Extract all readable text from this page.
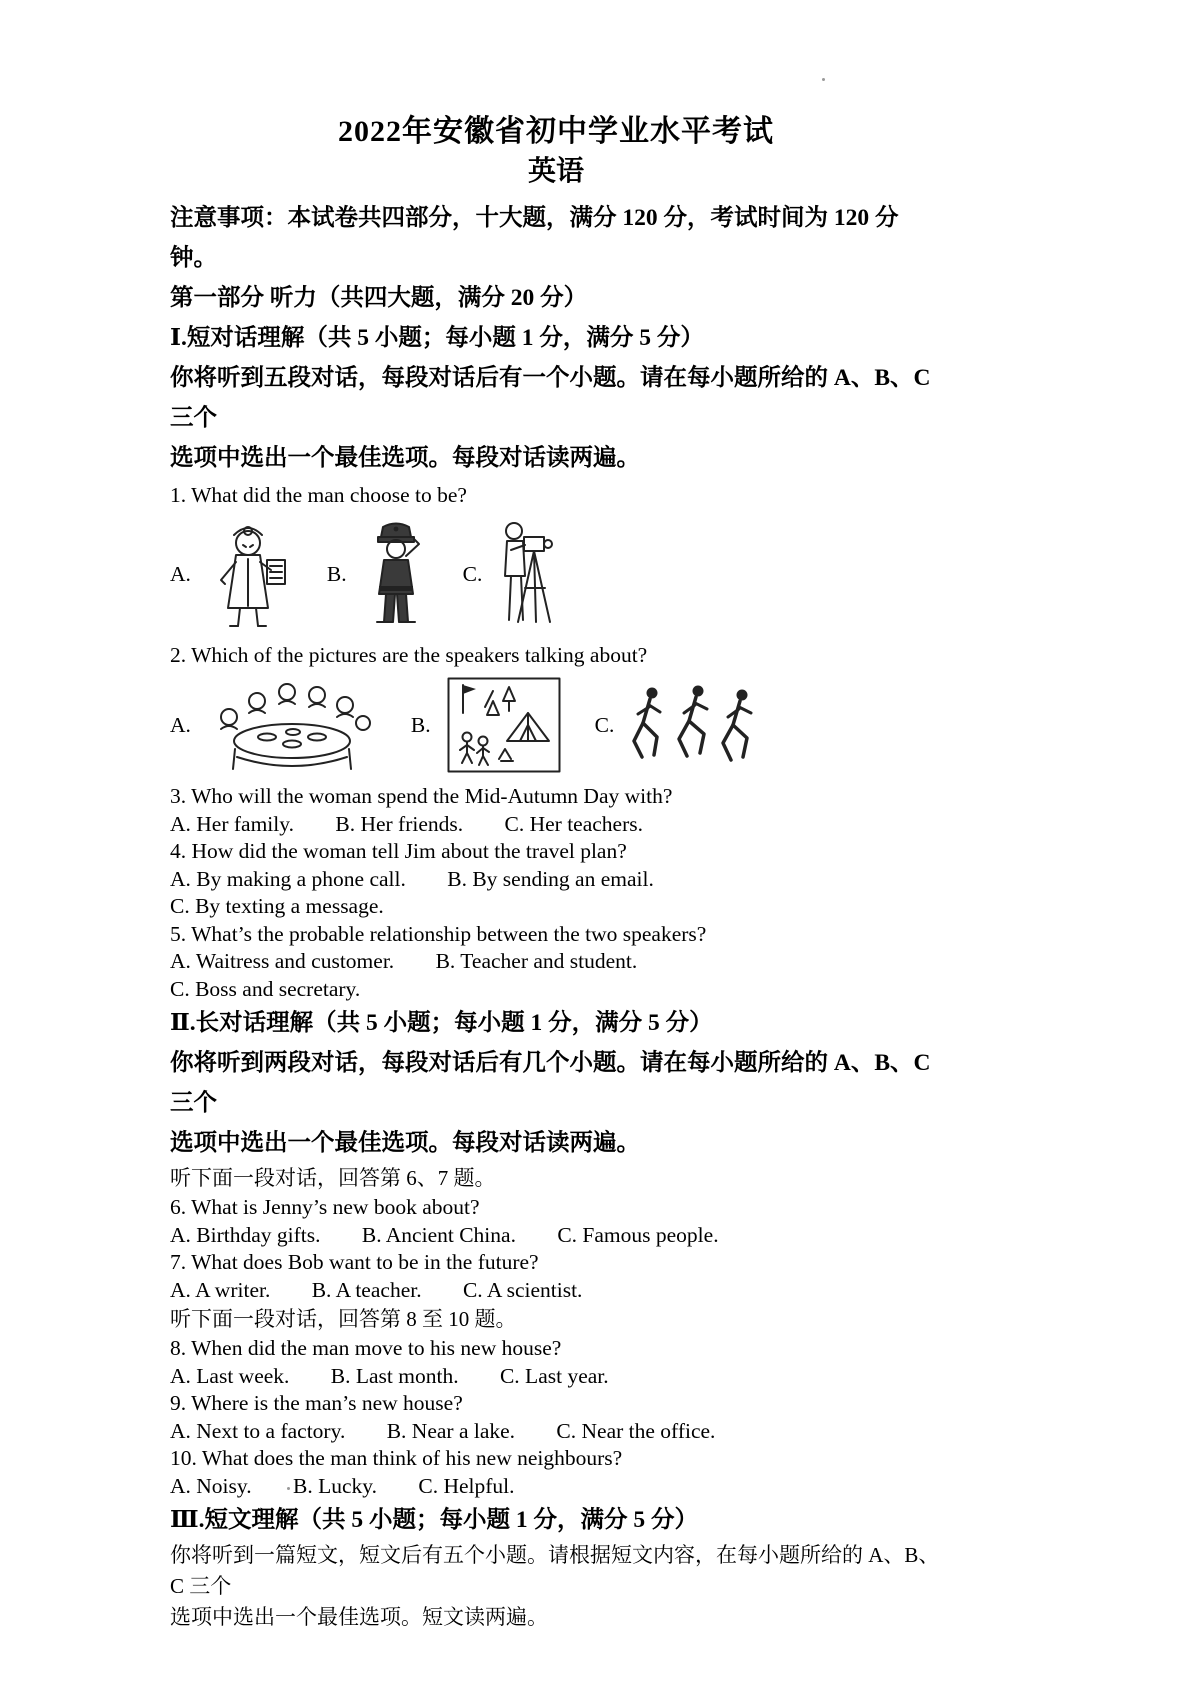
2022年安徽省初中学业水平考试
英语
注意事项：本试卷共四部分，十大题，满分 120 分，考试时间为 120 分钟。
第一部分 听力（共四大题，满分 20 分）
Ⅰ.短对话理解（共 5 小题；每小题 1 分，满分 5 分）
你将听到五段对话，每段对话后有一个小题。请在每小题所给的 A、B、C 三个
选项中选出一个最佳选项。每段对话读两遍。
1. What did the man choose to be?
A.	B.	C.
2. Which of the pictures are the speakers talking about?
A.	B.	C.
3. Who will the woman spend the Mid-Autumn Day with?
A. Her family. B. Her friends. C. Her teachers.
4. How did the woman tell Jim about the travel plan?
A. By making a phone call. B. By sending an email.
C. By texting a message.
5. What’s the probable relationship between the two speakers?
A. Waitress and customer. B. Teacher and student.
C. Boss and secretary.
Ⅱ.长对话理解（共 5 小题；每小题 1 分，满分 5 分）
你将听到两段对话，每段对话后有几个小题。请在每小题所给的 A、B、C 三个
选项中选出一个最佳选项。每段对话读两遍。
听下面一段对话，回答第 6、7 题。
6. What is Jenny’s new book about?
A. Birthday gifts. B. Ancient China. C. Famous people.
7. What does Bob want to be in the future?
A. A writer. B. A teacher. C. A scientist.
听下面一段对话，回答第 8 至 10 题。
8. When did the man move to his new house?
A. Last week. B. Last month. C. Last year.
9. Where is the man’s new house?
A. Next to a factory. B. Near a lake. C. Near the office.
10. What does the man think of his new neighbours?
A. Noisy. B. Lucky. C. Helpful.
Ⅲ.短文理解（共 5 小题；每小题 1 分，满分 5 分）
你将听到一篇短文，短文后有五个小题。请根据短文内容，在每小题所给的 A、B、C 三个
选项中选出一个最佳选项。短文读两遍。
